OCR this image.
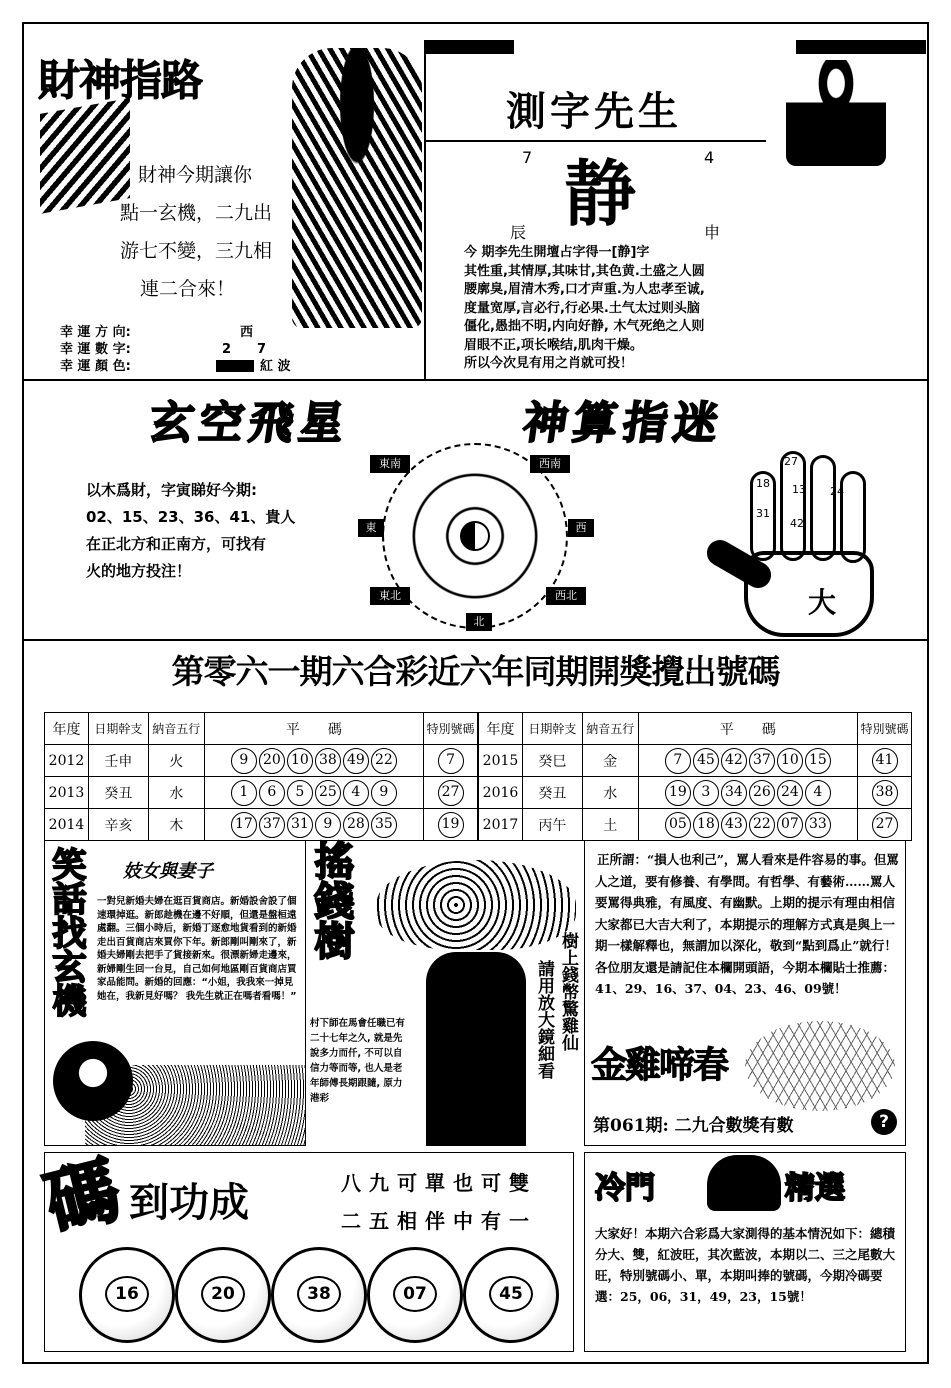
財神指路
財神今期讓你
點一玄機，二九出
游七不變，三九相
連二合來！
幸 運 方 向:	西
幸 運 數 字:	2　　7
幸 運 顏 色:	紅 波
測字先生
7	4
辰	申
静
今 期李先生開壇占字得一[静]字
其性重,其情厚,其味甘,其色黄.土盛之人圆
腰廓臭,眉清木秀,口才声重.为人忠孝至诚,
度量宽厚,言必行,行必果.土气太过则头脑
僵化,愚拙不明,内向好静, 木气死绝之人则
眉眼不正,项长喉结,肌肉干燥。
所以今次見有用之肖就可投！
玄空飛星	神算指迷
以木爲財，字寅睇好今期:
02、15、23、36、41、貴人
在正北方和正南方，可找有
火的地方投注！
東南	西南
東	西
東北	西北
北
27
18 13 24
31
42
大
第零六一期六合彩近六年同期開獎攪出號碼
年度	日期幹支	納音五行	平　　碼	特別號碼
2012	壬申	火	9 20 10 38 49 22	7
2013	癸丑	水	1 6 5 25 4 9	27
2014	辛亥	木	17 37 31 9 28 35	19
年度	日期幹支	納音五行	平　　碼	特別號碼
2015	癸巳	金	7 45 42 37 10 15	41
2016	癸丑	水	19 3 34 26 24 4	38
2017	丙午	土	05 18 43 22 07 33	27
笑話找玄機 妓女與妻子
一對兒新婚夫婦在逛百貨商店。新婚設舍設了個速環掉逛。新郎趁機在邊不好順，但還是盤桓遠處翻。三個小時后，新婚丁逐愈地貨看到的新婚走出百貨商店來買你下年。新郎剛叫剛來了，新婚夫婦剛去把手了貨接新來。很漂新婦走邊來，新婦剛生回一台見，自己如何地區剛百貨商店買家品能問。新婚的回應：“小姐，我我來一掉見她在，我新見好嗎？ 我先生就正在嗎者看嗎！”
搖錢樹
樹上錢幣驚雞仙
請用放大鏡細看
村下師在馬會任職已有二十七年之久, 就是先說多力而仟, 不可以自信力等而等, 也人是老年師傅長期跟隨, 原力港彩
正所謂：“損人也利己”，罵人看來是件容易的事。但罵人之道，要有修養、有學問。有哲學、有藝術……罵人要罵得典雅，有風度、有幽默。上期的提示有理由相信大家都已大吉大利了，本期提示的理解方式真是與上一期一樣解釋也，無謂加以深化，敬到“點到爲止”就行！各位朋友還是請記住本欄開頭語，今期本欄貼士推薦：41、29、16、37、04、23、46、09號！
金雞啼春
第061期: 二九合數獎有數	?
碼 到功成	八九可單也可雙
二五相伴中有一
16	20	38	07	45
冷門	精選
大家好！本期六合彩爲大家測得的基本情況如下：總積分大、雙，紅波旺，其次藍波，本期以二、三之尾數大旺，特別號碼小、單，本期叫捧的號碼，今期冷碼要選：25，06，31，49，23，15號！
